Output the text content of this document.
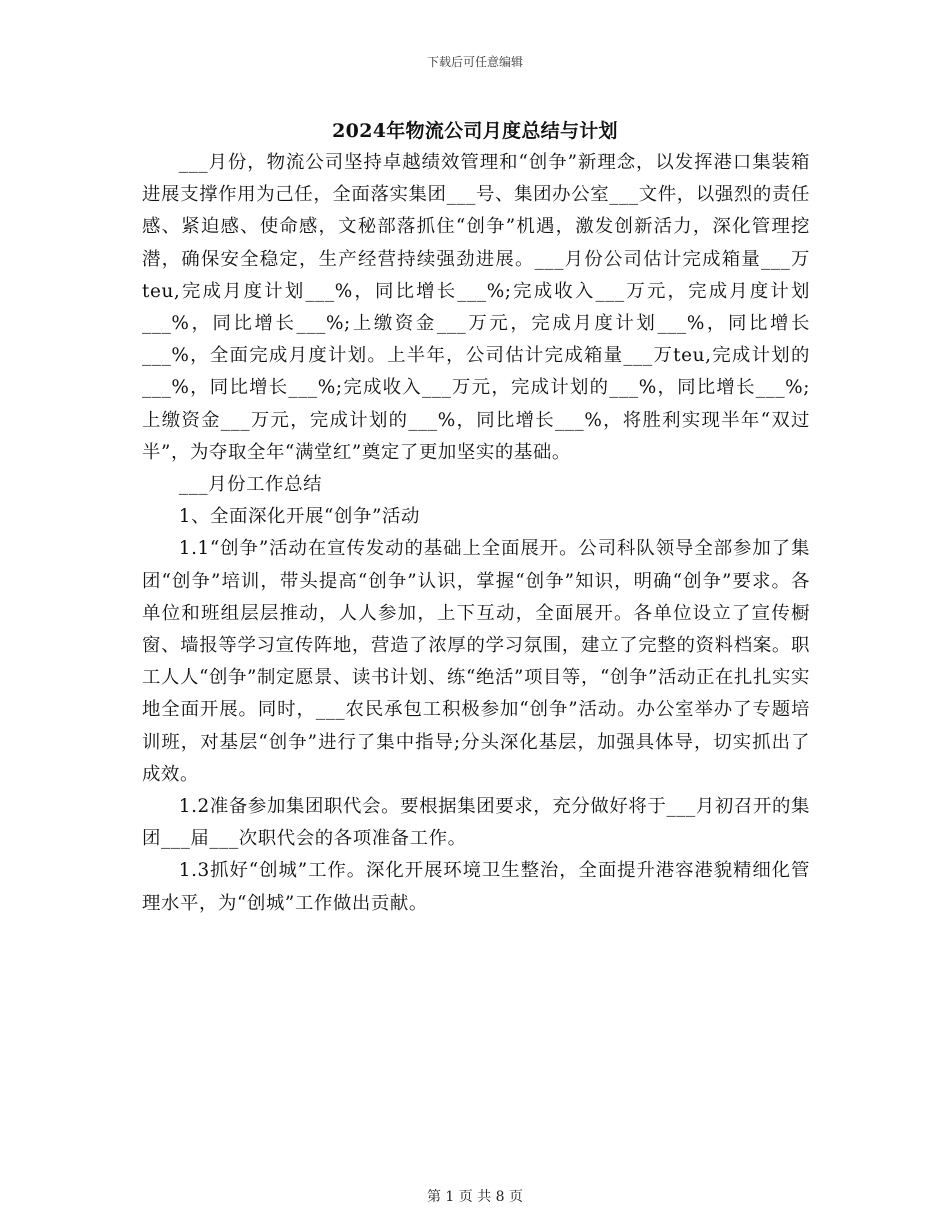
下载后可任意编辑
2024年物流公司月度总结与计划

___月份，物流公司坚持卓越绩效管理和“创争”新理念，以发挥港口集装箱进展支撑作用为己任，全面落实集团___号、集团办公室___文件，以强烈的责任感、紧迫感、使命感，文秘部落抓住“创争”机遇，激发创新活力，深化管理挖潜，确保安全稳定，生产经营持续强劲进展。___月份公司估计完成箱量___万teu,完成月度计划___%，同比增长___%;完成收入___万元，完成月度计划___%，同比增长___%;上缴资金___万元，完成月度计划___%，同比增长___%，全面完成月度计划。上半年，公司估计完成箱量___万teu,完成计划的___%，同比增长___%;完成收入___万元，完成计划的___%，同比增长___%;上缴资金___万元，完成计划的___%，同比增长___%，将胜利实现半年“双过半”，为夺取全年“满堂红”奠定了更加坚实的基础。

___月份工作总结

1、全面深化开展“创争”活动

1.1“创争”活动在宣传发动的基础上全面展开。公司科队领导全部参加了集团“创争”培训，带头提高“创争”认识，掌握“创争”知识，明确“创争”要求。各单位和班组层层推动，人人参加，上下互动，全面展开。各单位设立了宣传橱窗、墙报等学习宣传阵地，营造了浓厚的学习氛围，建立了完整的资料档案。职工人人“创争”制定愿景、读书计划、练“绝活”项目等，“创争”活动正在扎扎实实地全面开展。同时，___农民承包工积极参加“创争”活动。办公室举办了专题培训班，对基层“创争”进行了集中指导;分头深化基层，加强具体导，切实抓出了成效。

1.2准备参加集团职代会。要根据集团要求，充分做好将于___月初召开的集团___届___次职代会的各项准备工作。

1.3抓好“创城”工作。深化开展环境卫生整治，全面提升港容港貌精细化管理水平，为“创城”工作做出贡献。

第 1 页 共 8 页
